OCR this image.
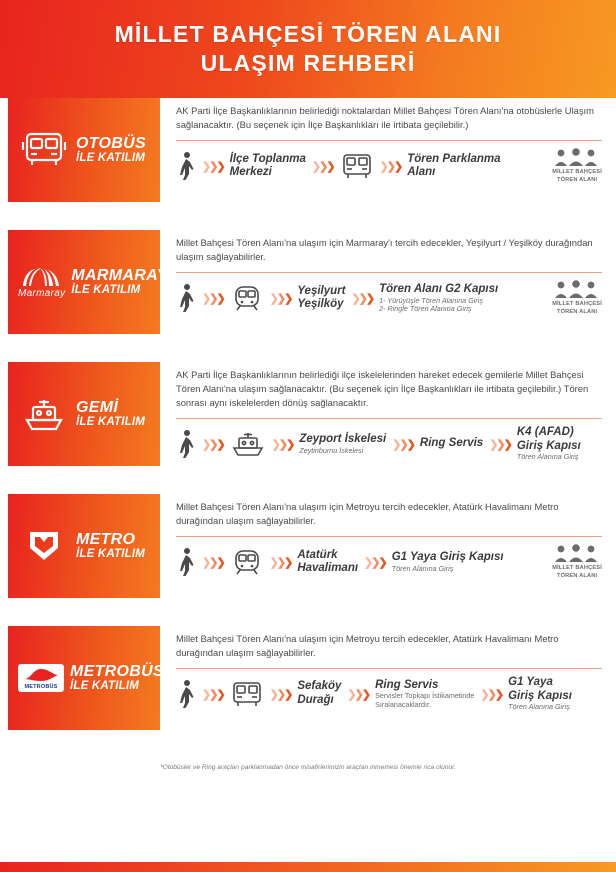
MİLLET BAHÇESİ TÖREN ALANI
ULAŞIM REHBERİ
OTOBÜS
İLE KATILIM

AK Parti İlçe Başkanlıklarının belirlediği noktalardan Millet Bahçesi Tören Alanı'na otobüslerle Ulaşım sağlanacaktır. (Bu seçenek için İlçe Başkanlıkları ile irtibata geçilebilir.)

❯ ❯ ❯
İlçe Toplanma
Merkezi	❯ ❯ ❯	❯ ❯ ❯
Tören Parklanma
Alanı	MİLLET BAHÇESİ
TÖREN ALANI
Marmaray
MARMARAY
İLE KATILIM

Millet Bahçesi Tören Alanı'na ulaşım için Marmaray'ı tercih edecekler, Yeşilyurt / Yeşilköy durağından ulaşım sağlayabilirler.

❯ ❯ ❯	❯ ❯ ❯
Yeşilyurt
Yeşilköy ❯ ❯ ❯
Tören Alanı G2 Kapısı
1- Yürüyüşle Tören Alanına Giriş
2- Ringle Tören Alanına Giriş	MİLLET BAHÇESİ
TÖREN ALANI
GEMİ
İLE KATILIM

AK Parti İlçe Başkanlıklarının belirlediği ilçe iskelelerinden hareket edecek gemilerle Millet Bahçesi Tören Alanı'na ulaşım sağlanacaktır. (Bu seçenek için İlçe Başkanlıkları ile irtibata geçilebilir.) Tören sonrası aynı iskelelerden dönüş sağlanacaktır.

❯ ❯ ❯	❯ ❯ ❯ Zeyport İskelesi
Zeytinburnu İskelesi	❯ ❯ ❯ Ring Servis ❯ ❯ ❯
K4 (AFAD)
Giriş Kapısı
Tören Alanına Giriş
METRO
İLE KATILIM

Millet Bahçesi Tören Alanı'na ulaşım için Metroyu tercih edecekler, Atatürk Havalimanı Metro durağından ulaşım sağlayabilirler.

❯ ❯ ❯	❯ ❯ ❯
Atatürk
Havalimanı ❯ ❯ ❯ G1 Yaya Giriş Kapısı
Tören Alanına Giriş	MİLLET BAHÇESİ
TÖREN ALANI
METROBÜS
METROBÜS
İLE KATILIM

Millet Bahçesi Tören Alanı'na ulaşım için Metroyu tercih edecekler, Atatürk Havalimanı Metro durağından ulaşım sağlayabilirler.

❯ ❯ ❯	❯ ❯ ❯
Sefaköy
Durağı	❯ ❯ ❯
Ring Servis
Servisler Topkapı İstikametinde
Sıralanacaklardır.
❯ ❯ ❯
G1 Yaya
Giriş Kapısı
Tören Alanına Giriş
*Otobüsler ve Ring araçları parklanmadan önce misafirlerimizin araçtan inmemesi önemle rica olunur.
